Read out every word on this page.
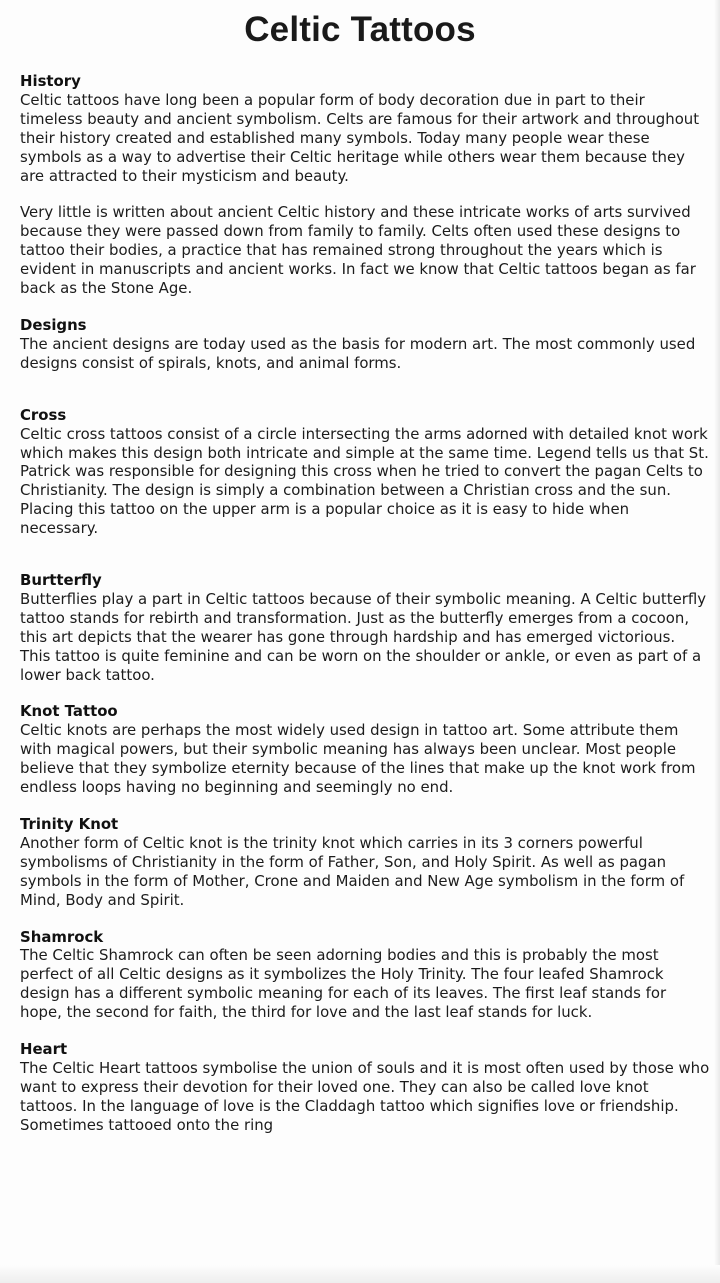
Celtic Tattoos
History

Celtic tattoos have long been a popular form of body decoration due in part to their timeless beauty and ancient symbolism. Celts are famous for their artwork and throughout their history created and established many symbols. Today many people wear these symbols as a way to advertise their Celtic heritage while others wear them because they are attracted to their mysticism and beauty.

Very little is written about ancient Celtic history and these intricate works of arts survived because they were passed down from family to family. Celts often used these designs to tattoo their bodies, a practice that has remained strong throughout the years which is evident in manuscripts and ancient works. In fact we know that Celtic tattoos began as far back as the Stone Age.

Designs

The ancient designs are today used as the basis for modern art. The most commonly used designs consist of spirals, knots, and animal forms.

Cross

Celtic cross tattoos consist of a circle intersecting the arms adorned with detailed knot work which makes this design both intricate and simple at the same time. Legend tells us that St. Patrick was responsible for designing this cross when he tried to convert the pagan Celts to Christianity. The design is simply a combination between a Christian cross and the sun. Placing this tattoo on the upper arm is a popular choice as it is easy to hide when necessary.

Burtterfly

Butterflies play a part in Celtic tattoos because of their symbolic meaning. A Celtic butterfly tattoo stands for rebirth and transformation. Just as the butterfly emerges from a cocoon, this art depicts that the wearer has gone through hardship and has emerged victorious. This tattoo is quite feminine and can be worn on the shoulder or ankle, or even as part of a lower back tattoo.

Knot Tattoo

Celtic knots are perhaps the most widely used design in tattoo art. Some attribute them with magical powers, but their symbolic meaning has always been unclear. Most people believe that they symbolize eternity because of the lines that make up the knot work from endless loops having no beginning and seemingly no end.

Trinity Knot

Another form of Celtic knot is the trinity knot which carries in its 3 corners powerful symbolisms of Christianity in the form of Father, Son, and Holy Spirit. As well as pagan symbols in the form of Mother, Crone and Maiden and New Age symbolism in the form of Mind, Body and Spirit.

Shamrock

The Celtic Shamrock can often be seen adorning bodies and this is probably the most perfect of all Celtic designs as it symbolizes the Holy Trinity. The four leafed Shamrock design has a different symbolic meaning for each of its leaves. The first leaf stands for hope, the second for faith, the third for love and the last leaf stands for luck.

Heart

The Celtic Heart tattoos symbolise the union of souls and it is most often used by those who want to express their devotion for their loved one. They can also be called love knot tattoos. In the language of love is the Claddagh tattoo which signifies love or friendship. Sometimes tattooed onto the ring
